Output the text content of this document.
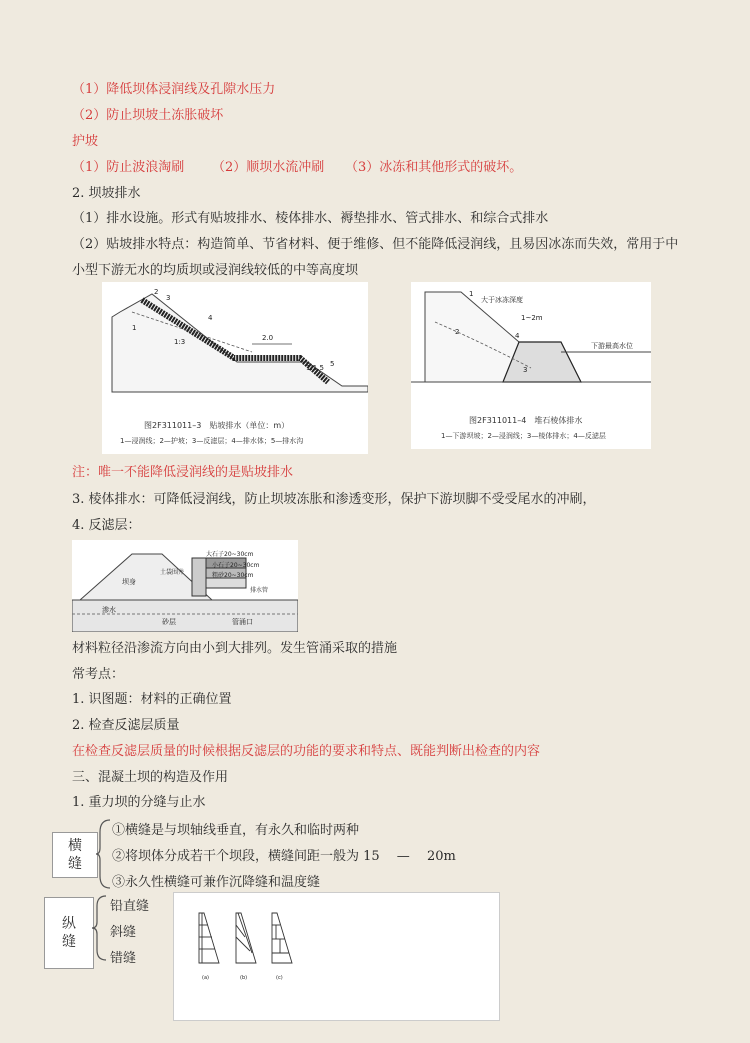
（1）降低坝体浸润线及孔隙水压力
（2）防止坝坡土冻胀破坏
护坡
（1）防止波浪淘刷 （2）顺坝水流冲刷 （3）冰冻和其他形式的破坏。
2. 坝坡排水
（1）排水设施。形式有贴坡排水、棱体排水、褥垫排水、管式排水、和综合式排水
（2）贴坡排水特点：构造简单、节省材料、便于维修、但不能降低浸润线，且易因冰冻而失效，常用于中
小型下游无水的均质坝或浸润线较低的中等高度坝
2
3
4
1
5
1:3
1:1.5
2.0
图2F311011–3　贴坡排水（单位：m）
1—浸润线；2—护坡；3—反滤层；4—排水体；5—排水沟
1
2
3
4
大于冰冻深度
1~2m
下游最高水位
图2F311011–4　堆石棱体排水
1—下游坝坡；2—浸润线；3—棱体排水；4—反滤层
注：唯一不能降低浸润线的是贴坡排水
3. 棱体排水：可降低浸润线，防止坝坡冻胀和渗透变形，保护下游坝脚不受受尾水的冲刷，
4. 反滤层：
大石子20~30cm
小石子20~30cm
粗砂20~30cm
土袋围井
坝身
排水管
渗水
砂层	管涌口
材料粒径沿渗流方向由小到大排列。发生管涌采取的措施
常考点：
1. 识图题：材料的正确位置
2. 检查反滤层质量
在检查反滤层质量的时候根据反滤层的功能的要求和特点、既能判断出检查的内容
三、混凝土坝的构造及作用
1. 重力坝的分缝与止水
横
缝
①横缝是与坝轴线垂直，有永久和临时两种
②将坝体分成若干个坝段，横缝间距一般为 15 　— 　20m
③永久性横缝可兼作沉降缝和温度缝
纵
缝
铅直缝
斜缝
错缝
(a)	(b)	(c)
